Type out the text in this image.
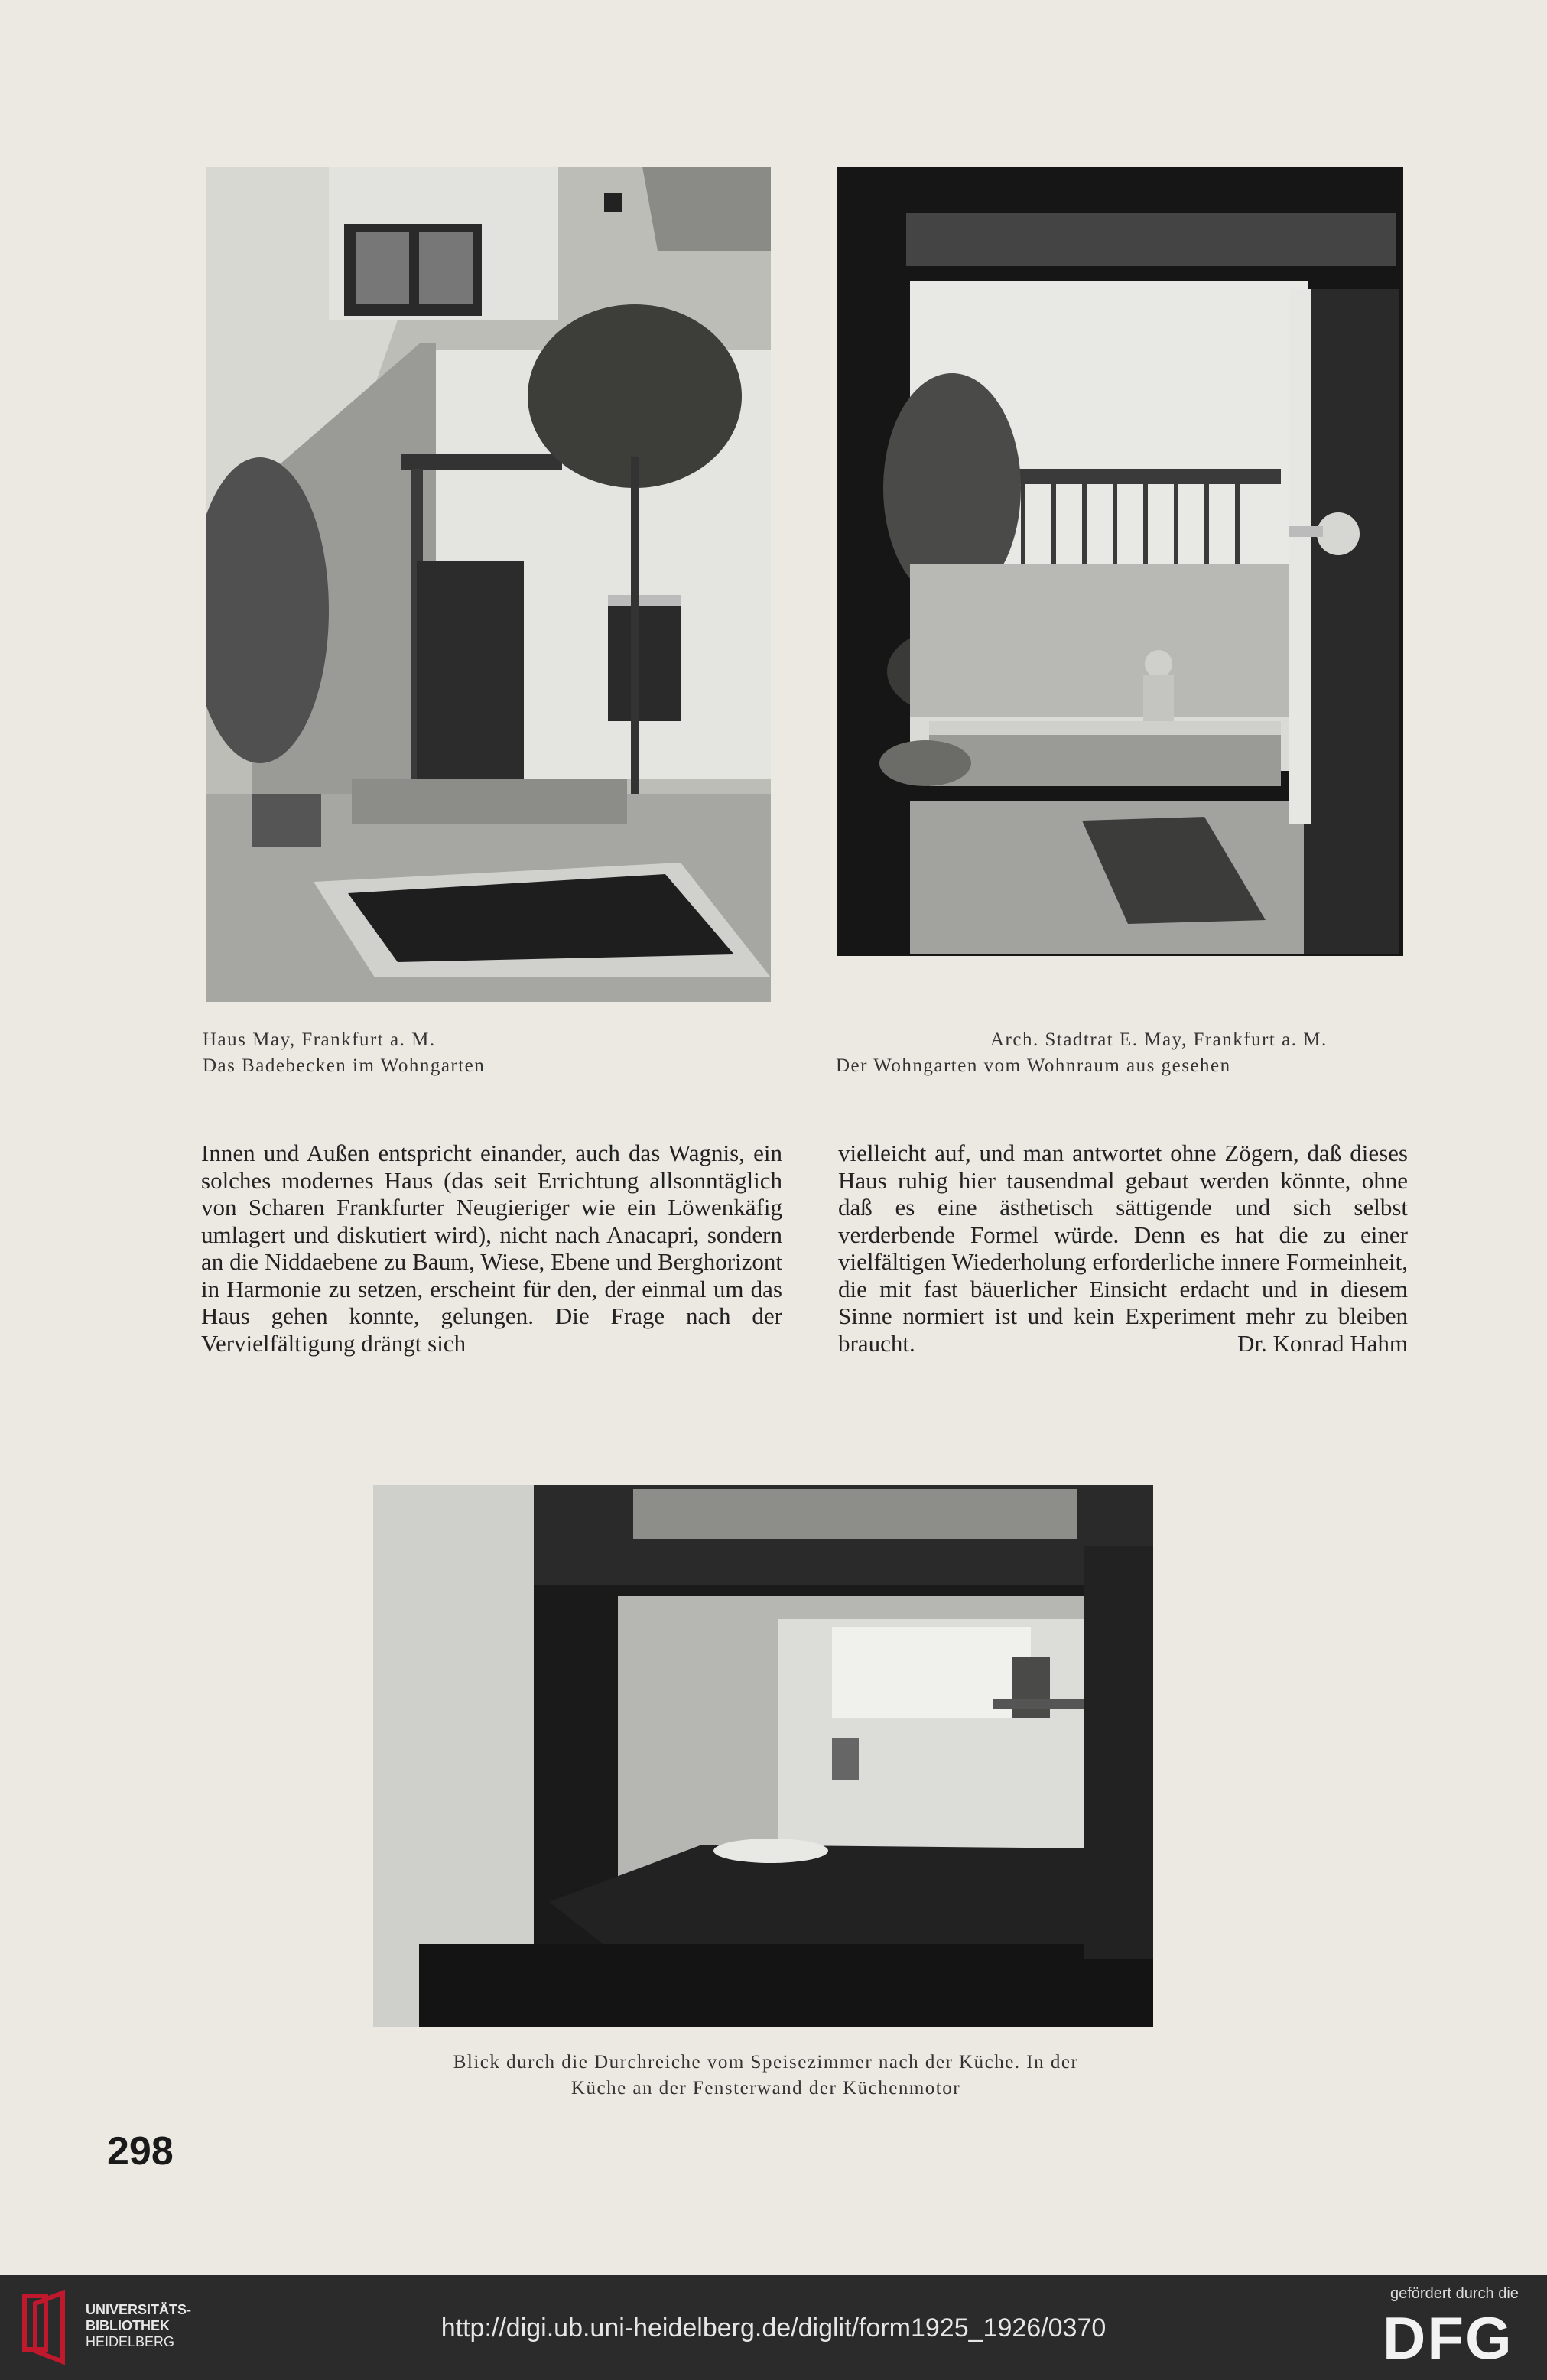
Haus May, Frankfurt a. M.
Das Badebecken im Wohngarten
Arch. Stadtrat E. May, Frankfurt a. M.
Der Wohngarten vom Wohnraum aus gesehen

Innen und Außen entspricht einander, auch das Wagnis, ein solches modernes Haus (das seit Errichtung allsonntäglich von Scharen Frankfurter Neugieriger wie ein Löwenkäfig umlagert und diskutiert wird), nicht nach Anacapri, sondern an die Niddaebene zu Baum, Wiese, Ebene und Berghorizont in Harmonie zu setzen, erscheint für den, der einmal um das Haus gehen konnte, gelungen. Die Frage nach der Vervielfältigung drängt sich

vielleicht auf, und man antwortet ohne Zögern, daß dieses Haus ruhig hier tausendmal gebaut werden könnte, ohne daß es eine ästhetisch sättigende und sich selbst verderbende Formel würde. Denn es hat die zu einer vielfältigen Wiederholung erforderliche innere Formeinheit, die mit fast bäuerlicher Einsicht erdacht und in diesem Sinne normiert ist und kein Experiment mehr zu bleiben braucht.	Dr. Konrad Hahm

Blick durch die Durchreiche vom Speisezimmer nach der Küche. In der
Küche an der Fensterwand der Küchenmotor
298
UNIVERSITÄTS-
BIBLIOTHEK
HEIDELBERG	http://digi.ub.uni-heidelberg.de/diglit/form1925_1926/0370
gefördert durch die
DFG
